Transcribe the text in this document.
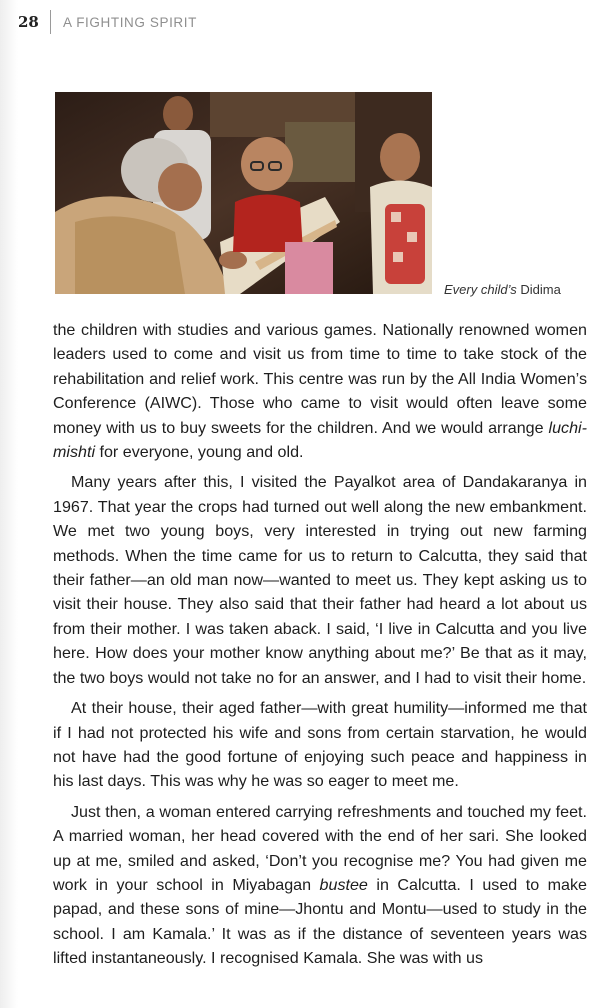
28	A FIGHTING SPIRIT
Every child’s Didima

the children with studies and various games. Nationally renowned women leaders used to come and visit us from time to time to take stock of the rehabilitation and relief work. This centre was run by the All India Women’s Conference (AIWC). Those who came to visit would often leave some money with us to buy sweets for the children. And we would arrange luchi-mishti for everyone, young and old.

Many years after this, I visited the Payalkot area of Dandakaranya in 1967. That year the crops had turned out well along the new embankment. We met two young boys, very interested in trying out new farming methods. When the time came for us to return to Calcutta, they said that their father—an old man now—wanted to meet us. They kept asking us to visit their house. They also said that their father had heard a lot about us from their mother. I was taken aback. I said, ‘I live in Calcutta and you live here. How does your mother know anything about me?’ Be that as it may, the two boys would not take no for an answer, and I had to visit their home.

At their house, their aged father—with great humility—informed me that if I had not protected his wife and sons from certain starvation, he would not have had the good fortune of enjoying such peace and happiness in his last days. This was why he was so eager to meet me.

Just then, a woman entered carrying refreshments and touched my feet. A married woman, her head covered with the end of her sari. She looked up at me, smiled and asked, ‘Don’t you recognise me? You had given me work in your school in Miyabagan bustee in Calcutta. I used to make papad, and these sons of mine—Jhontu and Montu—used to study in the school. I am Kamala.’ It was as if the distance of seventeen years was lifted instantaneously. I recognised Kamala. She was with us
